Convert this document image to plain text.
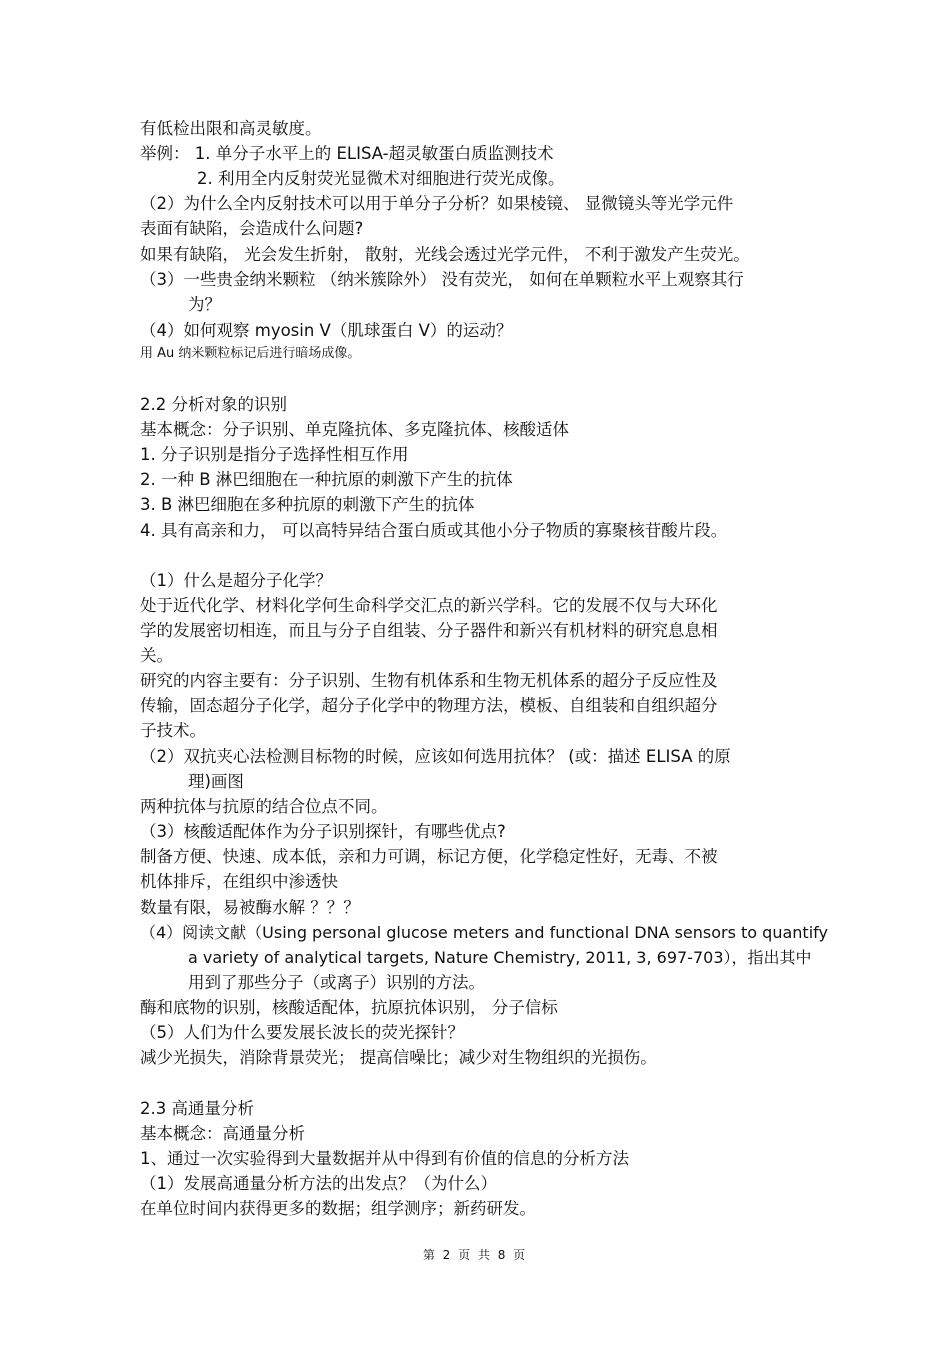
有低检出限和高灵敏度。
举例： 1. 单分子水平上的 ELISA-超灵敏蛋白质监测技术
2. 利用全内反射荧光显微术对细胞进行荧光成像。
（2）为什么全内反射技术可以用于单分子分析？如果棱镜、 显微镜头等光学元件
表面有缺陷，会造成什么问题?
如果有缺陷， 光会发生折射， 散射，光线会透过光学元件， 不利于激发产生荧光。
（3）一些贵金纳米颗粒 （纳米簇除外） 没有荧光， 如何在单颗粒水平上观察其行
为？
（4）如何观察 myosin V（肌球蛋白 V）的运动？
用 Au 纳米颗粒标记后进行暗场成像。
2.2 分析对象的识别
基本概念：分子识别、单克隆抗体、多克隆抗体、核酸适体
1. 分子识别是指分子选择性相互作用
2. 一种 B 淋巴细胞在一种抗原的刺激下产生的抗体
3. B 淋巴细胞在多种抗原的刺激下产生的抗体
4. 具有高亲和力， 可以高特异结合蛋白质或其他小分子物质的寡聚核苷酸片段。
（1）什么是超分子化学？
处于近代化学、材料化学何生命科学交汇点的新兴学科。它的发展不仅与大环化
学的发展密切相连，而且与分子自组装、分子器件和新兴有机材料的研究息息相
关。
研究的内容主要有：分子识别、生物有机体系和生物无机体系的超分子反应性及
传输，固态超分子化学，超分子化学中的物理方法，模板、自组装和自组织超分
子技术。
（2）双抗夹心法检测目标物的时候，应该如何选用抗体？ (或：描述 ELISA 的原
理)画图
两种抗体与抗原的结合位点不同。
（3）核酸适配体作为分子识别探针，有哪些优点?
制备方便、快速、成本低，亲和力可调，标记方便，化学稳定性好，无毒、不被
机体排斥，在组织中渗透快
数量有限，易被酶水解 ？？？
（4）阅读文献（Using personal glucose meters and functional DNA sensors to quantify
a variety of analytical targets, Nature Chemistry, 2011, 3, 697-703），指出其中
用到了那些分子（或离子）识别的方法。
酶和底物的识别，核酸适配体，抗原抗体识别， 分子信标
（5）人们为什么要发展长波长的荧光探针？
减少光损失，消除背景荧光； 提高信噪比；减少对生物组织的光损伤。
2.3 高通量分析
基本概念：高通量分析
1、通过一次实验得到大量数据并从中得到有价值的信息的分析方法
（1）发展高通量分析方法的出发点？（为什么）
在单位时间内获得更多的数据；组学测序；新药研发。
第 2 页 共 8 页
